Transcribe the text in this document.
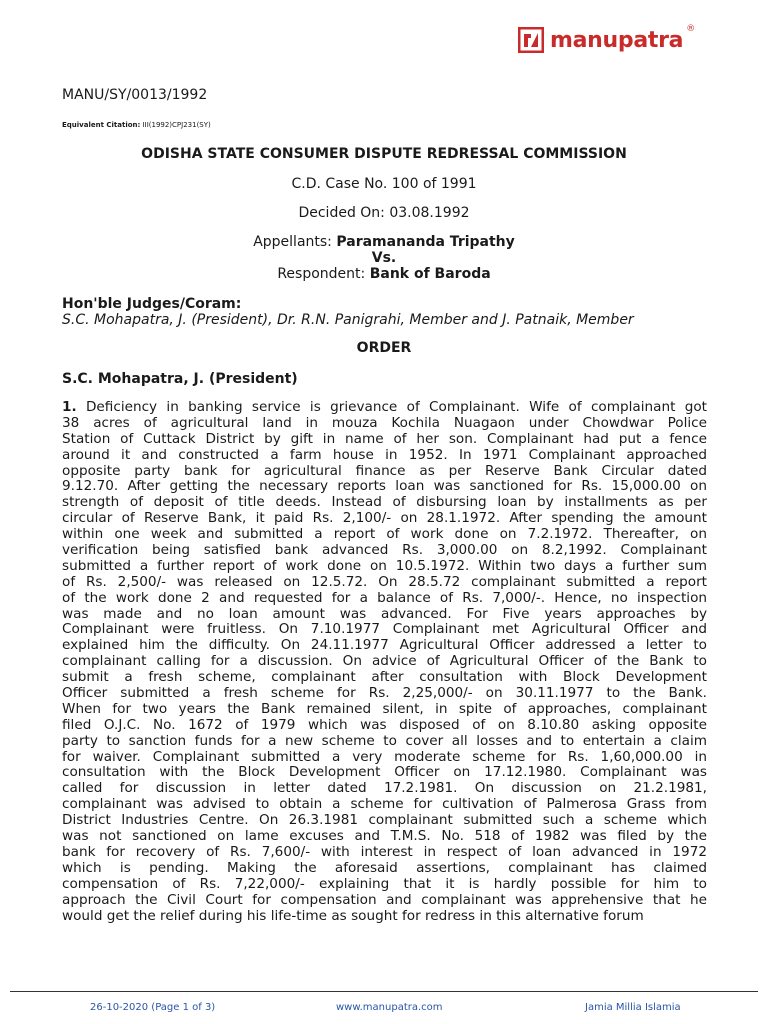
manupatra ®
MANU/SY/0013/1992
Equivalent Citation: III(1992)CPJ231(SY)
ODISHA STATE CONSUMER DISPUTE REDRESSAL COMMISSION
C.D. Case No. 100 of 1991
Decided On: 03.08.1992
Appellants: Paramananda Tripathy
Vs.
Respondent: Bank of Baroda
Hon'ble Judges/Coram:
S.C. Mohapatra, J. (President), Dr. R.N. Panigrahi, Member and J. Patnaik, Member
ORDER
S.C. Mohapatra, J. (President)
1. Deficiency in banking service is grievance of Complainant. Wife of complainant got
38 acres of agricultural land in mouza Kochila Nuagaon under Chowdwar Police
Station of Cuttack District by gift in name of her son. Complainant had put a fence
around it and constructed a farm house in 1952. In 1971 Complainant approached
opposite party bank for agricultural finance as per Reserve Bank Circular dated
9.12.70. After getting the necessary reports loan was sanctioned for Rs. 15,000.00 on
strength of deposit of title deeds. Instead of disbursing loan by installments as per
circular of Reserve Bank, it paid Rs. 2,100/- on 28.1.1972. After spending the amount
within one week and submitted a report of work done on 7.2.1972. Thereafter, on
verification being satisfied bank advanced Rs. 3,000.00 on 8.2,1992. Complainant
submitted a further report of work done on 10.5.1972. Within two days a further sum
of Rs. 2,500/- was released on 12.5.72. On 28.5.72 complainant submitted a report
of the work done 2 and requested for a balance of Rs. 7,000/-. Hence, no inspection
was made and no loan amount was advanced. For Five years approaches by
Complainant were fruitless. On 7.10.1977 Complainant met Agricultural Officer and
explained him the difficulty. On 24.11.1977 Agricultural Officer addressed a letter to
complainant calling for a discussion. On advice of Agricultural Officer of the Bank to
submit a fresh scheme, complainant after consultation with Block Development
Officer submitted a fresh scheme for Rs. 2,25,000/- on 30.11.1977 to the Bank.
When for two years the Bank remained silent, in spite of approaches, complainant
filed O.J.C. No. 1672 of 1979 which was disposed of on 8.10.80 asking opposite
party to sanction funds for a new scheme to cover all losses and to entertain a claim
for waiver. Complainant submitted a very moderate scheme for Rs. 1,60,000.00 in
consultation with the Block Development Officer on 17.12.1980. Complainant was
called for discussion in letter dated 17.2.1981. On discussion on 21.2.1981,
complainant was advised to obtain a scheme for cultivation of Palmerosa Grass from
District Industries Centre. On 26.3.1981 complainant submitted such a scheme which
was not sanctioned on lame excuses and T.M.S. No. 518 of 1982 was filed by the
bank for recovery of Rs. 7,600/- with interest in respect of loan advanced in 1972
which is pending. Making the aforesaid assertions, complainant has claimed
compensation of Rs. 7,22,000/- explaining that it is hardly possible for him to
approach the Civil Court for compensation and complainant was apprehensive that he
would get the relief during his life-time as sought for redress in this alternative forum
26-10-2020 (Page 1 of 3)	www.manupatra.com	Jamia Millia Islamia
